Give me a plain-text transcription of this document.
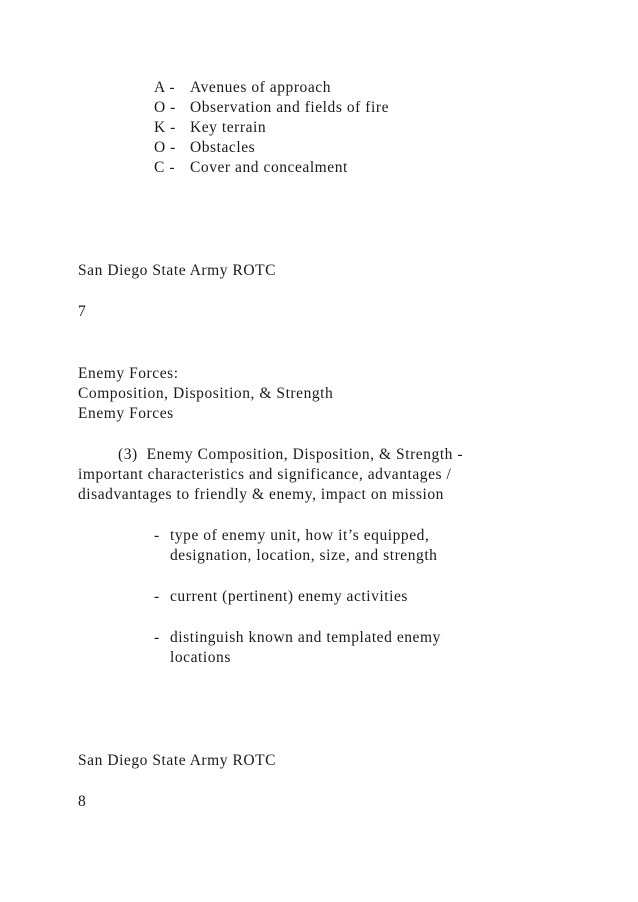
A - Avenues of approach
O - Observation and fields of fire
K - Key terrain
O - Obstacles
C - Cover and concealment
San Diego State Army ROTC
7
Enemy Forces:
Composition, Disposition, & Strength
Enemy Forces
(3)  Enemy Composition, Disposition, & Strength -
important characteristics and significance, advantages /
disadvantages to friendly & enemy, impact on mission
- type of enemy unit, how it’s equipped,
designation, location, size, and strength
- current (pertinent) enemy activities
- distinguish known and templated enemy
locations
San Diego State Army ROTC
8
